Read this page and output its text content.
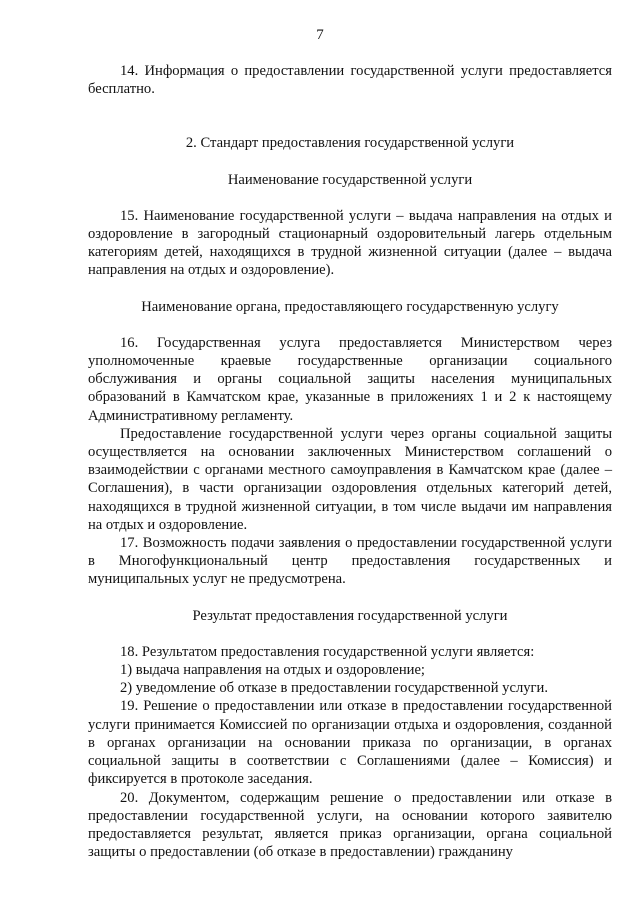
7

14. Информация о предоставлении государственной услуги предоставляется бесплатно.

2. Стандарт предоставления государственной услуги

Наименование государственной услуги

15. Наименование государственной услуги – выдача направления на отдых и оздоровление в загородный стационарный оздоровительный лагерь отдельным категориям детей, находящихся в трудной жизненной ситуации (далее – выдача направления на отдых и оздоровление).

Наименование органа, предоставляющего государственную услугу

16. Государственная услуга предоставляется Министерством через уполномоченные краевые государственные организации социального обслуживания и органы социальной защиты населения муниципальных образований в Камчатском крае, указанные в приложениях 1 и 2 к настоящему Административному регламенту.

Предоставление государственной услуги через органы социальной защиты осуществляется на основании заключенных Министерством соглашений о взаимодействии с органами местного самоуправления в Камчатском крае (далее – Соглашения), в части организации оздоровления отдельных категорий детей, находящихся в трудной жизненной ситуации, в том числе выдачи им направления на отдых и оздоровление.

17. Возможность подачи заявления о предоставлении государственной услуги в Многофункциональный центр предоставления государственных и муниципальных услуг не предусмотрена.

Результат предоставления государственной услуги

18. Результатом предоставления государственной услуги является:

1) выдача направления на отдых и оздоровление;

2) уведомление об отказе в предоставлении государственной услуги.

19. Решение о предоставлении или отказе в предоставлении государственной услуги принимается Комиссией по организации отдыха и оздоровления, созданной в органах организации на основании приказа по организации, в органах социальной защиты в соответствии с Соглашениями (далее – Комиссия) и фиксируется в протоколе заседания.

20. Документом, содержащим решение о предоставлении или отказе в предоставлении государственной услуги, на основании которого заявителю предоставляется результат, является приказ организации, органа социальной защиты о предоставлении (об отказе в предоставлении) гражданину
